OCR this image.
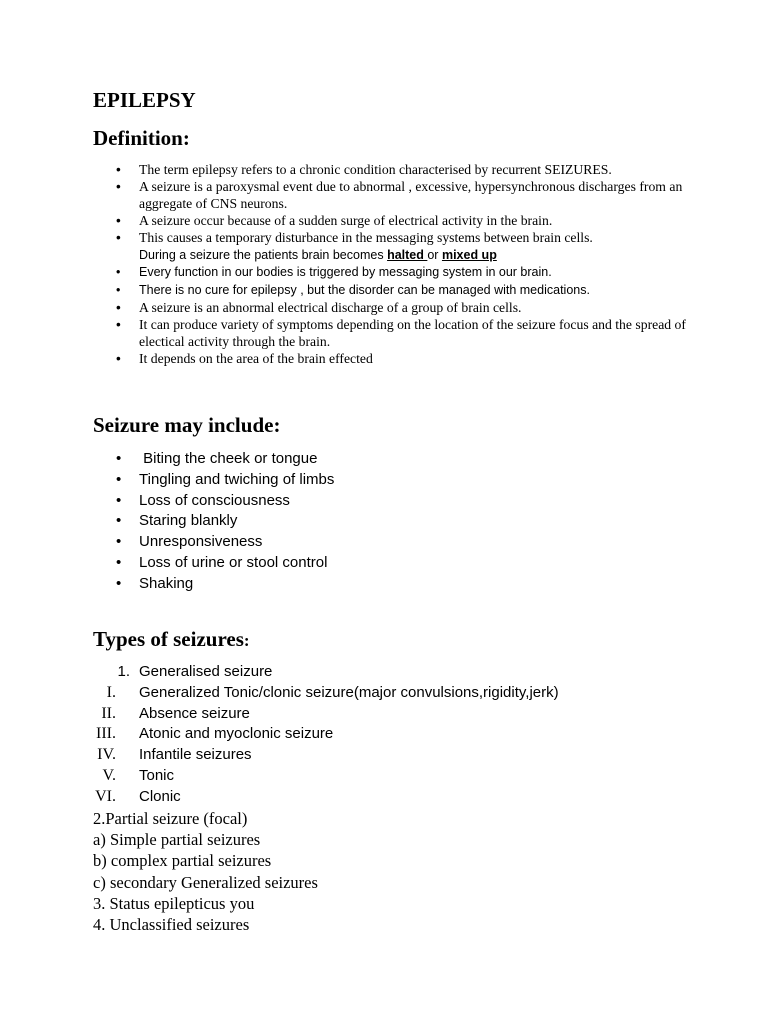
EPILEPSY
Definition:
• The term epilepsy refers to a chronic condition characterised by recurrent SEIZURES.
• A seizure is a paroxysmal event due to abnormal , excessive, hypersynchronous discharges from an aggregate of CNS neurons.
• A seizure occur because of a sudden surge of electrical activity in the brain.
• This causes a temporary disturbance in the messaging systems between brain cells.
During a seizure the patients brain becomes halted or mixed up
• Every function in our bodies is triggered by messaging system in our brain.
• There is no cure for epilepsy , but the disorder can be managed with medications.
• A seizure is an abnormal electrical discharge of a group of brain cells.
• It can produce variety of symptoms depending on the location of the seizure focus and the spread of electical activity through the brain.
• It depends on the area of the brain effected
Seizure may include:
• Biting the cheek or tongue
• Tingling and twiching of limbs
• Loss of consciousness
• Staring blankly
• Unresponsiveness
• Loss of urine or stool control
• Shaking
Types of seizures:
1. Generalised seizure
I. Generalized Tonic/clonic seizure(major convulsions,rigidity,jerk)
II. Absence seizure
III. Atonic and myoclonic seizure
IV. Infantile seizures
V. Tonic
VI. Clonic
2.Partial seizure (focal)
a) Simple partial seizures
b) complex partial seizures
c) secondary Generalized seizures
3. Status epilepticus you
4. Unclassified seizures
